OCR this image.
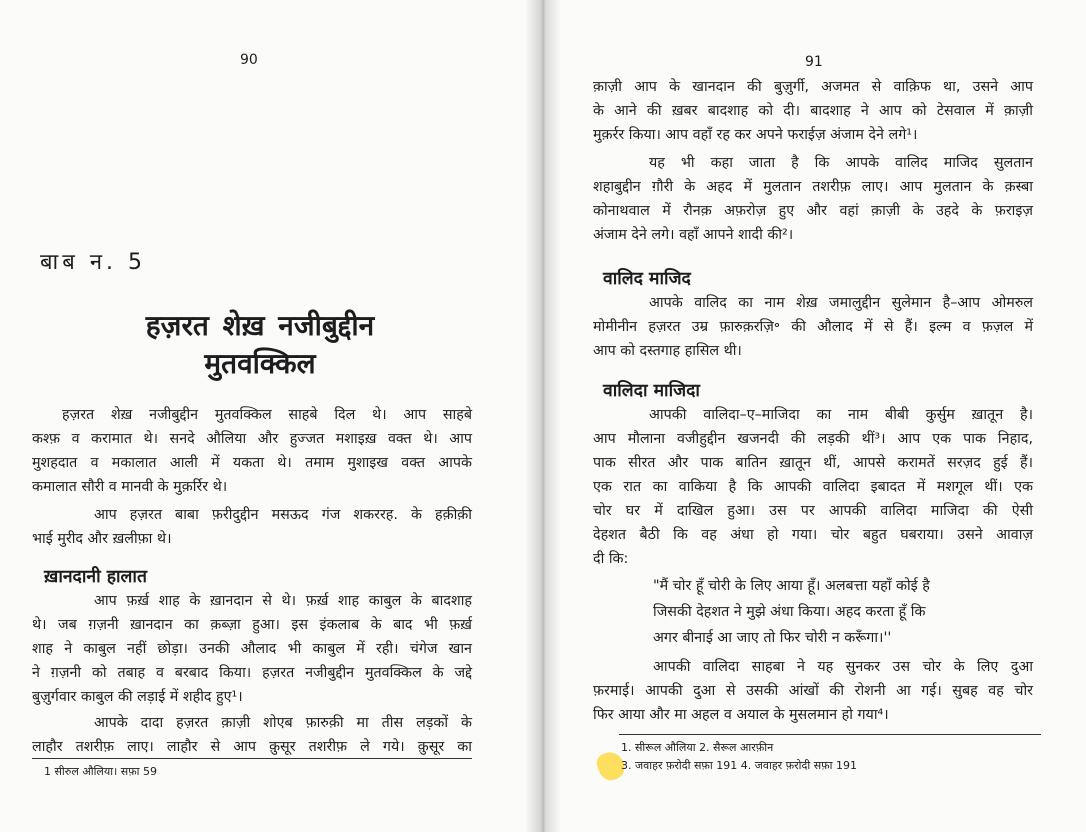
90
बाब न. 5
हज़रत शेख़ नजीबुद्दीन
मुतवक्किल

हज़रत शेख़ नजीबुद्दीन मुतवक्किल साहबे दिल थे। आप साहबे

कश्फ़ व करामात थे। सनदे औलिया और हुज्जत मशाइख़ वक्त थे। आप

मुशहदात व मकालात आली में यकता थे। तमाम मुशाइख वक्त आपके

कमालात सौरी व मानवी के मुक़र्रिर थे।

आप हज़रत बाबा फ़रीदुद्दीन मसऊद गंज शकररह. के हक़ीक़ी

भाई मुरीद और ख़लीफ़ा थे।

ख़ानदानी हालात

आप फ़र्ख़ शाह के ख़ानदान से थे। फ़र्ख़ शाह काबुल के बादशाह

थे। जब ग़ज़नी ख़ानदान का क़ब्ज़ा हुआ। इस इंकलाब के बाद भी फ़र्ख़

शाह ने काबुल नहीं छोड़ा। उनकी औलाद भी काबुल में रही। चंगेज खान

ने ग़ज़नी को तबाह व बरबाद किया। हज़रत नजीबुद्दीन मुतवक्किल के जद्दे

बुज़ुर्गवार काबुल की लड़ाई में शहीद हुए¹।

आपके दादा हज़रत क़ाज़ी शोएब फ़ारुक़ी मा तीस लड़कों के

लाहौर तशरीफ़ लाए। लाहौर से आप क़ुसूर तशरीफ़ ले गये। क़ुसूर का

1 सीरुल औलिया। सफ़ा 59

91

क़ाज़ी आप के खानदान की बुज़ुर्गी, अजमत से वाक़िफ था, उसने आप

के आने की ख़बर बादशाह को दी। बादशाह ने आप को टेसवाल में क़ाज़ी

मुक़र्रर किया। आप वहाँ रह कर अपने फराईज़ अंजाम देने लगे¹।

यह भी कहा जाता है कि आपके वालिद माजिद सुलतान

शहाबुद्दीन ग़ौरी के अहद में मुलतान तशरीफ़ लाए। आप मुलतान के क़स्बा

कोनाथवाल में रौनक़ अफ़रोज़ हुए और वहां क़ाज़ी के उहदे के फ़राइज़

अंजाम देने लगे। वहाँ आपने शादी की²।

वालिद माजिद

आपके वालिद का नाम शेख़ जमालुद्दीन सुलेमान है–आप ओमरुल

मोमीनीन हज़रत उम्र फ़ारुक़रज़ि॰ की औलाद में से हैं। इल्म व फ़ज़ल में

आप को दस्तगाह हासिल थी।

वालिदा माजिदा

आपकी वालिदा–ए–माजिदा का नाम बीबी कुर्सुम ख़ातून है।

आप मौलाना वजीहुद्दीन खजनदी की लड़की थीं³। आप एक पाक निहाद,

पाक सीरत और पाक बातिन ख़ातून थीं, आपसे करामतें सरज़द हुई हैं।

एक रात का वाकिया है कि आपकी वालिदा इबादत में मशगूल थीं। एक

चोर घर में दाखिल हुआ। उस पर आपकी वालिदा माजिदा की ऐसी

देहशत बैठी कि वह अंधा हो गया। चोर बहुत घबराया। उसने आवाज़

दी कि:

"मैं चोर हूँ चोरी के लिए आया हूँ। अलबत्ता यहाँ कोई है

जिसकी देहशत ने मुझे अंधा किया। अहद करता हूँ कि

अगर बीनाई आ जाए तो फिर चोरी न करूँगा।''

आपकी वालिदा साहबा ने यह सुनकर उस चोर के लिए दुआ

फ़रमाई। आपकी दुआ से उसकी आंखों की रोशनी आ गई। सुबह वह चोर

फिर आया और मा अहल व अयाल के मुसलमान हो गया⁴।

1. सीरूल औलिया 2. सैरूल आरफ़ीन

3. जवाहर फ़रोदी सफ़ा 191 4. जवाहर फ़रोदी सफ़ा 191
